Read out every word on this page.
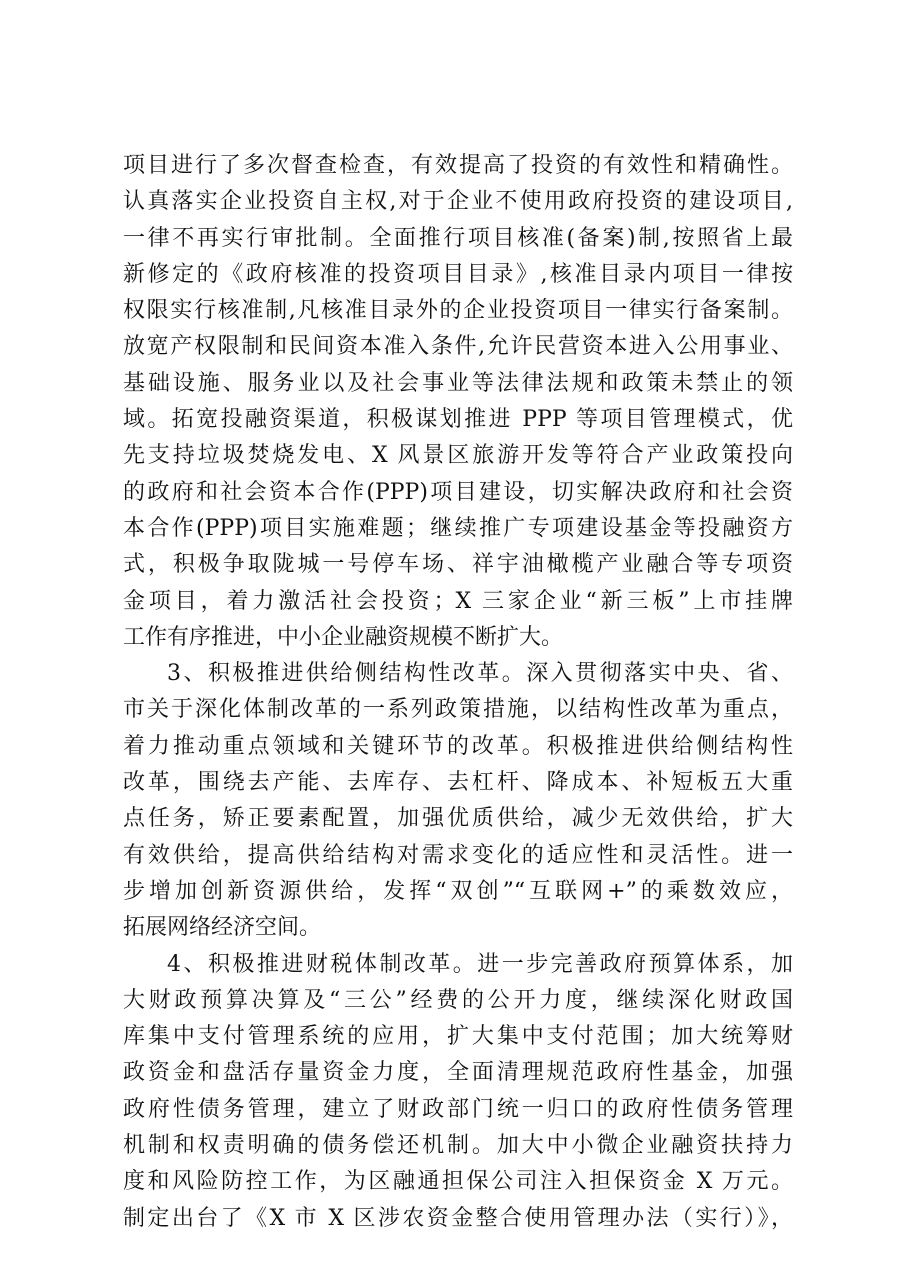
项目进行了多次督查检查，有效提高了投资的有效性和精确性。
认真落实企业投资自主权,对于企业不使用政府投资的建设项目,
一律不再实行审批制。全面推行项目核准(备案)制,按照省上最
新修定的《政府核准的投资项目目录》,核准目录内项目一律按
权限实行核准制,凡核准目录外的企业投资项目一律实行备案制。
放宽产权限制和民间资本准入条件,允许民营资本进入公用事业、
基础设施、服务业以及社会事业等法律法规和政策未禁止的领
域。拓宽投融资渠道，积极谋划推进 PPP 等项目管理模式，优
先支持垃圾焚烧发电、X 风景区旅游开发等符合产业政策投向
的政府和社会资本合作(PPP)项目建设，切实解决政府和社会资
本合作(PPP)项目实施难题；继续推广专项建设基金等投融资方
式，积极争取陇城一号停车场、祥宇油橄榄产业融合等专项资
金项目，着力激活社会投资；X 三家企业“新三板”上市挂牌
工作有序推进，中小企业融资规模不断扩大。
3、积极推进供给侧结构性改革。深入贯彻落实中央、省、
市关于深化体制改革的一系列政策措施，以结构性改革为重点，
着力推动重点领域和关键环节的改革。积极推进供给侧结构性
改革，围绕去产能、去库存、去杠杆、降成本、补短板五大重
点任务，矫正要素配置，加强优质供给，减少无效供给，扩大
有效供给，提高供给结构对需求变化的适应性和灵活性。进一
步增加创新资源供给，发挥“双创”“互联网+”的乘数效应，
拓展网络经济空间。
4、积极推进财税体制改革。进一步完善政府预算体系，加
大财政预算决算及“三公”经费的公开力度，继续深化财政国
库集中支付管理系统的应用，扩大集中支付范围；加大统筹财
政资金和盘活存量资金力度，全面清理规范政府性基金，加强
政府性债务管理，建立了财政部门统一归口的政府性债务管理
机制和权责明确的债务偿还机制。加大中小微企业融资扶持力
度和风险防控工作，为区融通担保公司注入担保资金 X 万元。
制定出台了《X 市 X 区涉农资金整合使用管理办法（实行）》，
